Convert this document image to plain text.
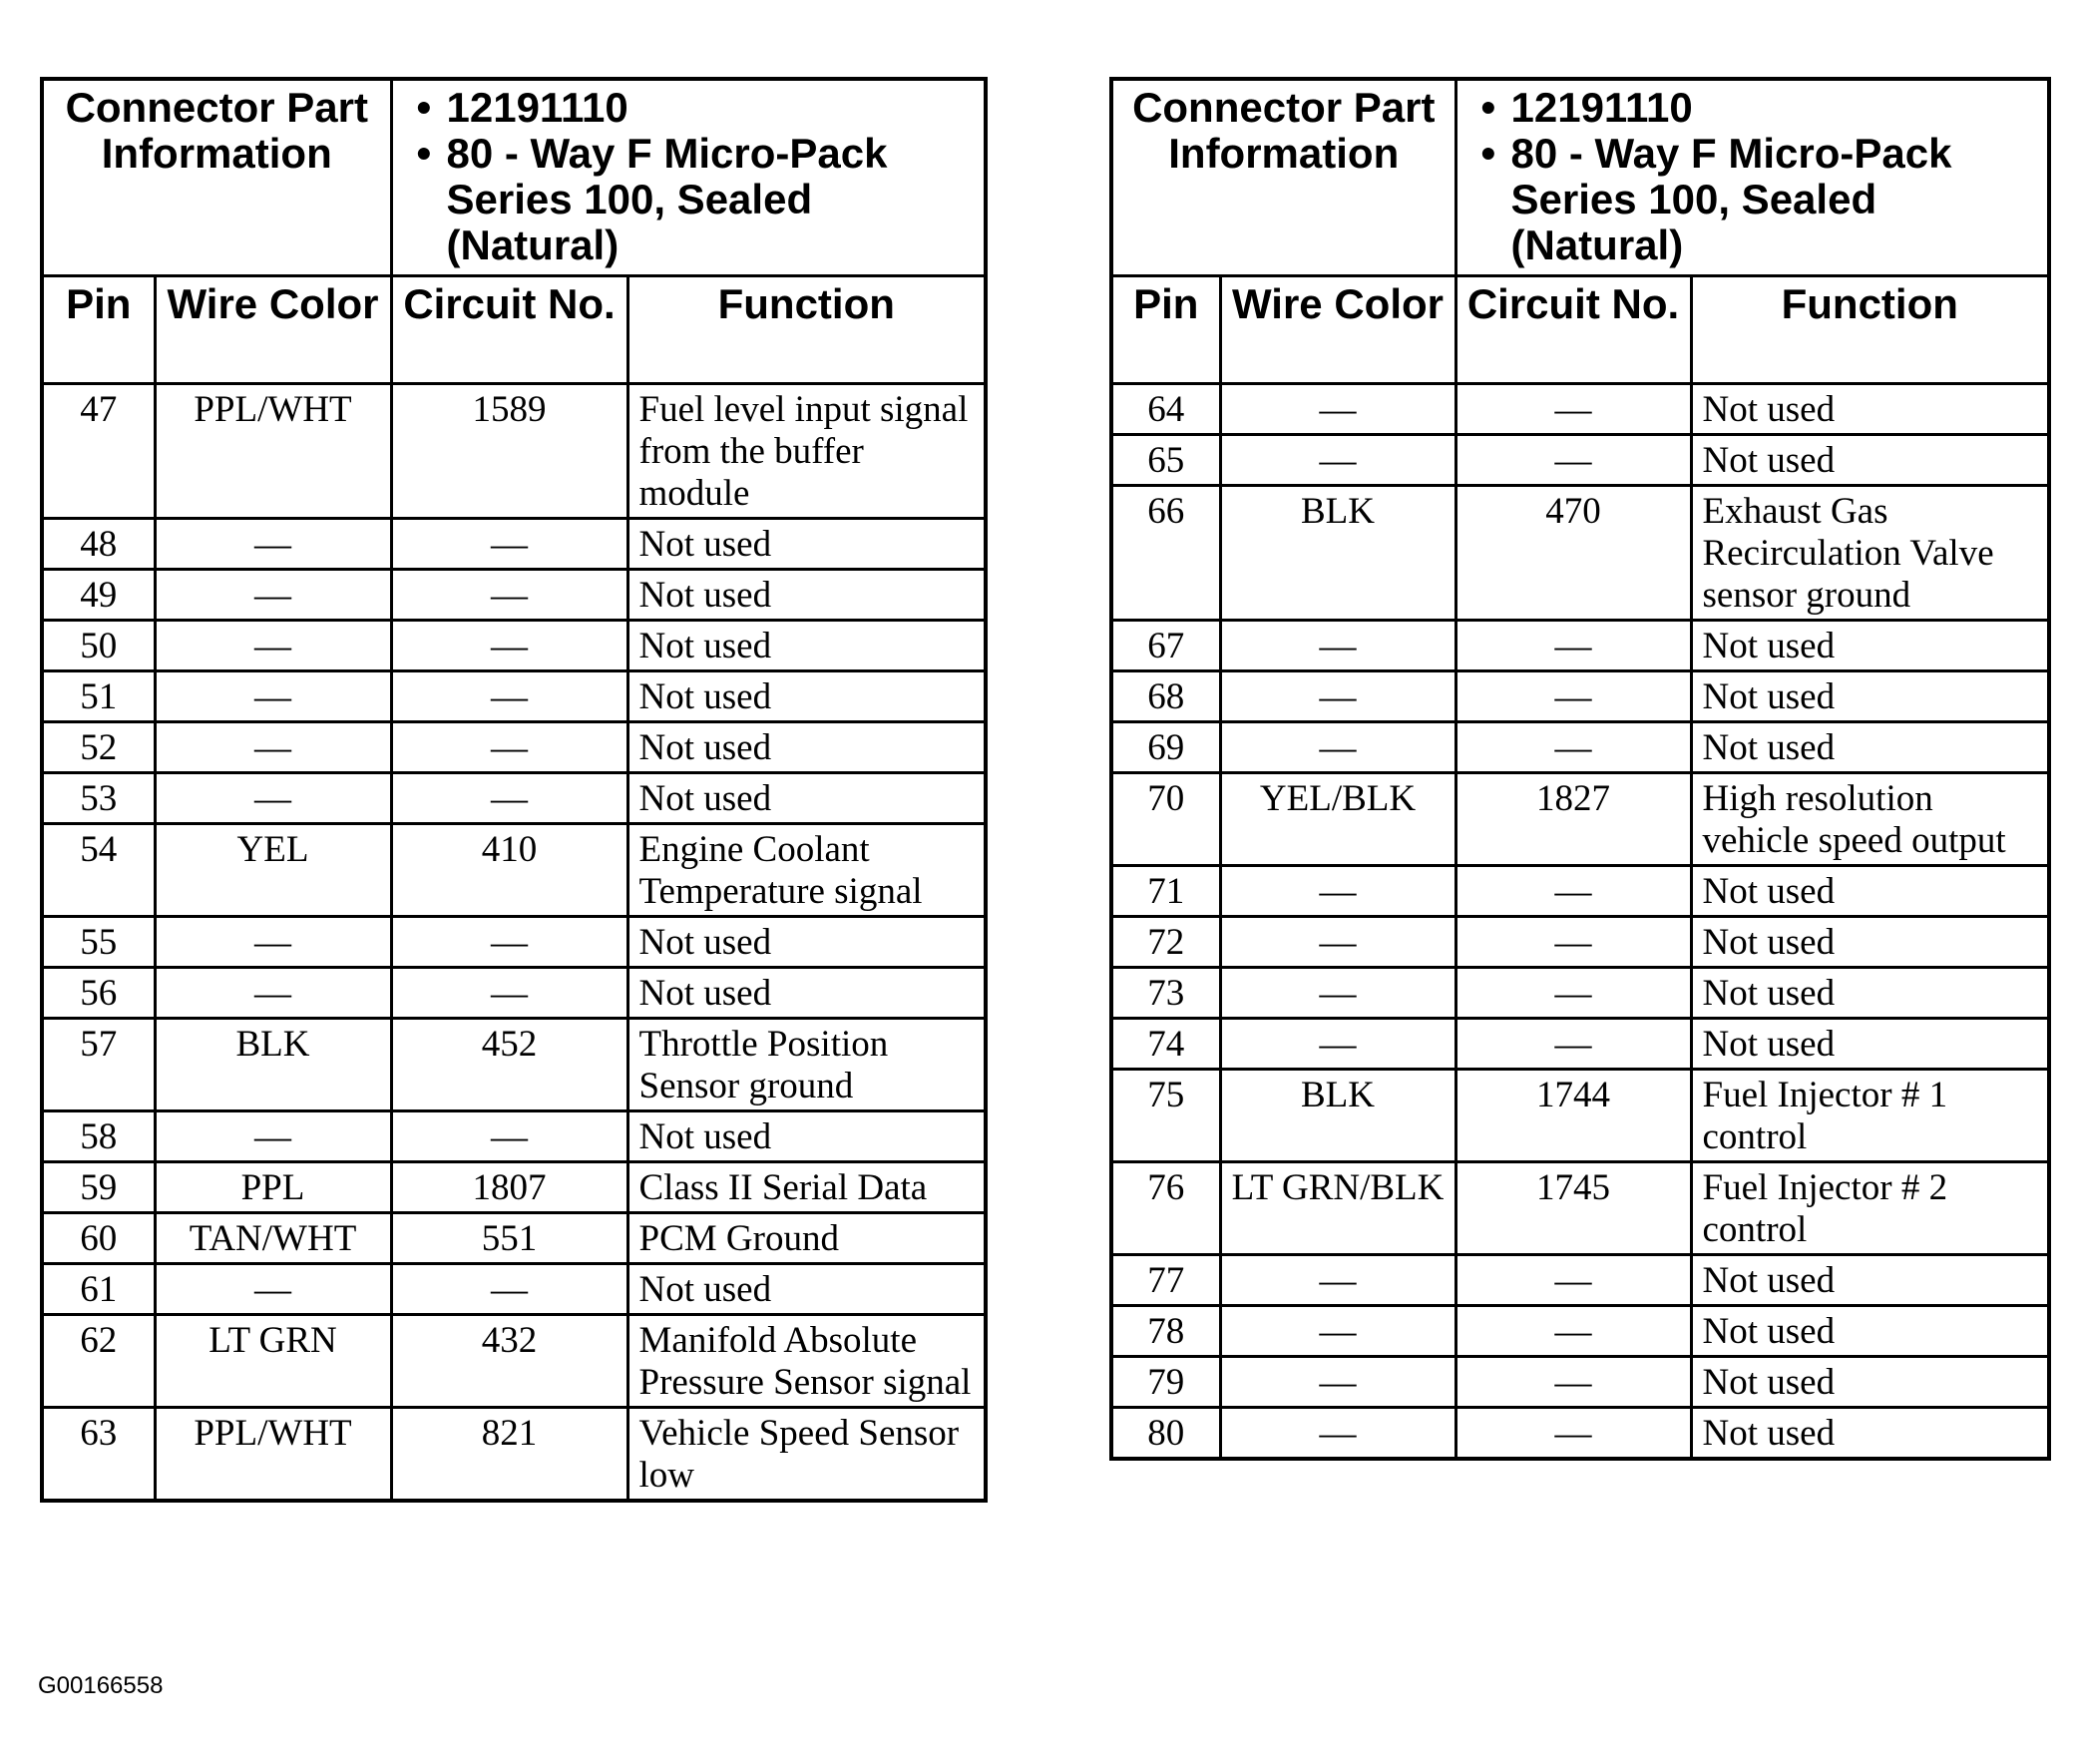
Connector Part Information		• 12191110
• 80 - Way F Micro-Pack Series 100, Sealed (Natural)	

Pin	Wire Color	Circuit No.	Function
47	PPL/WHT	1589	Fuel level input signal from the buffer module
48	—	—	Not used
49	—	—	Not used
50	—	—	Not used
51	—	—	Not used
52	—	—	Not used
53	—	—	Not used
54	YEL	410	Engine Coolant Temperature signal
55	—	—	Not used
56	—	—	Not used
57	BLK	452	Throttle Position Sensor ground
58	—	—	Not used
59	PPL	1807	Class II Serial Data
60	TAN/WHT	551	PCM Ground
61	—	—	Not used
62	LT GRN	432	Manifold Absolute Pressure Sensor signal
63	PPL/WHT	821	Vehicle Speed Sensor low
Connector Part Information		• 12191110
• 80 - Way F Micro-Pack Series 100, Sealed (Natural)	

Pin	Wire Color	Circuit No.	Function
64	—	—	Not used
65	—	—	Not used
66	BLK	470	Exhaust Gas Recirculation Valve sensor ground
67	—	—	Not used
68	—	—	Not used
69	—	—	Not used
70	YEL/BLK	1827	High resolution vehicle speed output
71	—	—	Not used
72	—	—	Not used
73	—	—	Not used
74	—	—	Not used
75	BLK	1744	Fuel Injector # 1 control
76	LT GRN/BLK	1745	Fuel Injector # 2 control
77	—	—	Not used
78	—	—	Not used
79	—	—	Not used
80	—	—	Not used
G00166558
